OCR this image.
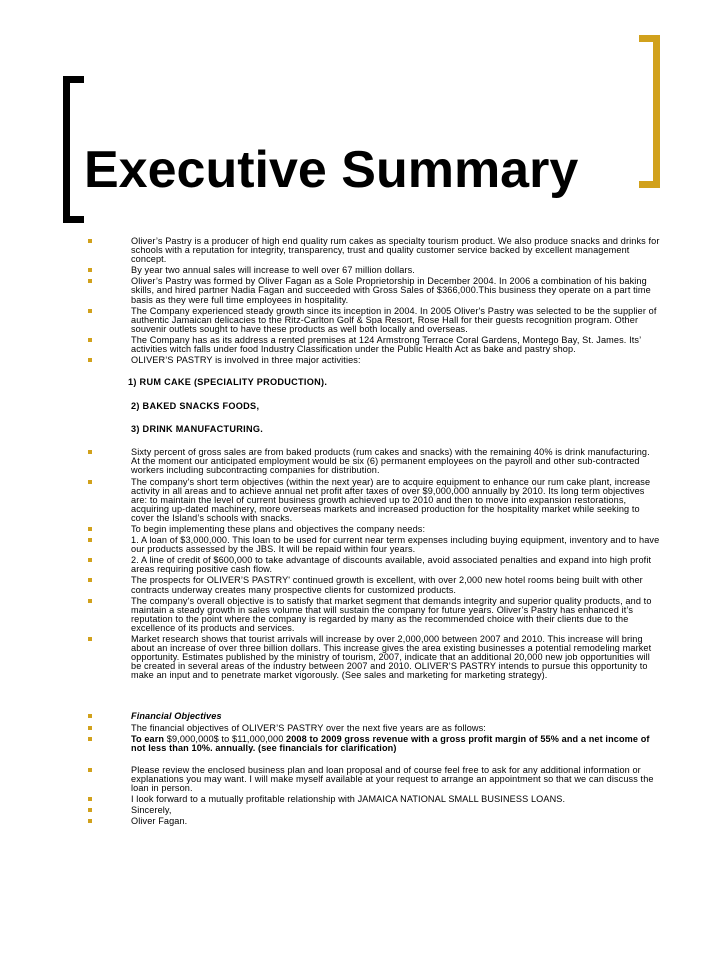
Executive Summary
Oliver’s Pastry is a producer of high end quality rum cakes as specialty tourism product. We also produce snacks and drinks for schools with a reputation for integrity, transparency, trust and quality customer service backed by excellent management concept.
By year two annual sales will increase to well over 67 million dollars.
Oliver’s Pastry was formed by Oliver Fagan as a Sole Proprietorship in December 2004. In 2006 a combination of his baking skills, and hired partner Nadia Fagan and succeeded with Gross Sales of $366,000.This business they operate on a part time basis as they were full time employees in hospitality.
The Company experienced steady growth since its inception in 2004. In 2005 Oliver's Pastry was selected to be the supplier of authentic Jamaican delicacies to the Ritz-Carlton Golf & Spa Resort, Rose Hall for their guests recognition program. Other souvenir outlets sought to have these products as well both locally and overseas.
The Company has as its address a rented premises at 124 Armstrong Terrace Coral Gardens, Montego Bay, St. James. Its’ activities witch falls under food Industry Classification under the Public Health Act as bake and pastry shop.
OLIVER’S PASTRY is involved in three major activities:
1) RUM CAKE (SPECIALITY PRODUCTION).
2) BAKED SNACKS FOODS,
3) DRINK MANUFACTURING.
Sixty percent of gross sales are from baked products (rum cakes and snacks) with the remaining 40% is drink manufacturing. At the moment our anticipated employment would be six (6) permanent employees on the payroll and other sub-contracted workers including subcontracting companies for distribution.
The company's short term objectives (within the next year) are to acquire equipment to enhance our rum cake plant, increase activity in all areas and to achieve annual net profit after taxes of over $9,000,000 annually by 2010. Its long term objectives are: to maintain the level of current business growth achieved up to 2010 and then to move into expansion restorations, acquiring up-dated machinery, more overseas markets and increased production for the hospitality market while seeking to cover the Island’s schools with snacks.
To begin implementing these plans and objectives the company needs:
1. A loan of $3,000,000. This loan to be used for current near term expenses including buying equipment, inventory and to have our products assessed by the JBS. It will be repaid within four years.
2. A line of credit of $600,000 to take advantage of discounts available, avoid associated penalties and expand into high profit areas requiring positive cash flow.
The prospects for OLIVER’S PASTRY' continued growth is excellent, with over 2,000 new hotel rooms being built with other contracts underway creates many prospective clients for customized products.
The company's overall objective is to satisfy that market segment that demands integrity and superior quality products, and to maintain a steady growth in sales volume that will sustain the company for future years. Oliver’s Pastry has enhanced it’s reputation to the point where the company is regarded by many as the recommended choice with their clients due to the excellence of its products and services.
Market research shows that tourist arrivals will increase by over 2,000,000 between 2007 and 2010. This increase will bring about an increase of over three billion dollars. This increase gives the area existing businesses a potential remodeling market opportunity. Estimates published by the ministry of tourism, 2007, indicate that an additional 20,000 new job opportunities will be created in several areas of the industry between 2007 and 2010. OLIVER’S PASTRY intends to pursue this opportunity to make an input and to penetrate market vigorously. (See sales and marketing for marketing strategy).
Financial Objectives
The financial objectives of OLIVER’S PASTRY over the next five years are as follows:
To earn $9,000,000$ to $11,000,000 2008 to 2009 gross revenue with a gross profit margin of 55% and a net income of not less than 10%. annually. (see financials for clarification)
Please review the enclosed business plan and loan proposal and of course feel free to ask for any additional information or explanations you may want. I will make myself available at your request to arrange an appointment so that we can discuss the loan in person.
I look forward to a mutually profitable relationship with JAMAICA NATIONAL SMALL BUSINESS LOANS.
Sincerely,
Oliver Fagan.
